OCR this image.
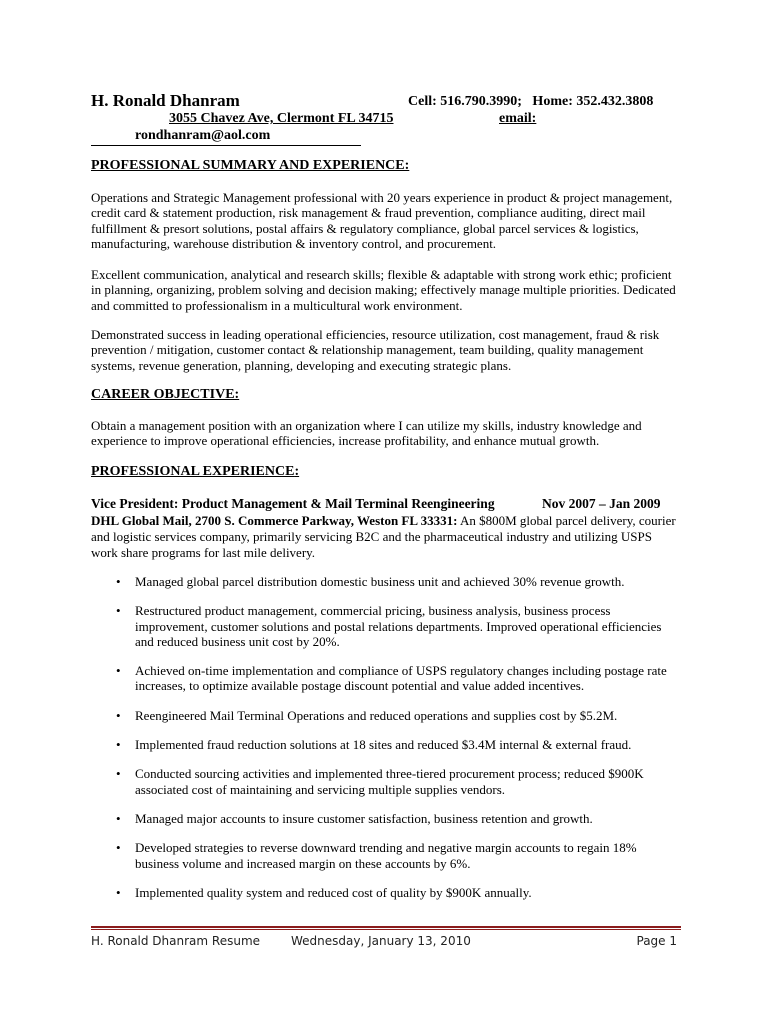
H. Ronald Dhanram	Cell: 516.790.3990;   Home: 352.432.3808
3055 Chavez Ave, Clermont FL 34715	email:
rondhanram@aol.com
PROFESSIONAL SUMMARY AND EXPERIENCE:
Operations and Strategic Management professional with 20 years experience in product & project management, credit card & statement production, risk management & fraud prevention, compliance auditing, direct mail fulfillment & presort solutions, postal affairs & regulatory compliance, global parcel services & logistics, manufacturing, warehouse distribution & inventory control, and procurement.
Excellent communication, analytical and research skills; flexible & adaptable with strong work ethic; proficient in planning, organizing, problem solving and decision making; effectively manage multiple priorities. Dedicated and committed to professionalism in a multicultural work environment.
Demonstrated success in leading operational efficiencies, resource utilization, cost management, fraud & risk prevention / mitigation, customer contact & relationship management, team building, quality management systems, revenue generation, planning, developing and executing strategic plans.
CAREER OBJECTIVE:
Obtain a management position with an organization where I can utilize my skills, industry knowledge and experience to improve operational efficiencies, increase profitability, and enhance mutual growth.
PROFESSIONAL EXPERIENCE:
Vice President: Product Management & Mail Terminal Reengineering	Nov 2007 – Jan 2009
DHL Global Mail, 2700 S. Commerce Parkway, Weston FL 33331: An $800M global parcel delivery, courier and logistic services company, primarily servicing B2C and the pharmaceutical industry and utilizing USPS work share programs for last mile delivery.
• Managed global parcel distribution domestic business unit and achieved 30% revenue growth.
• Restructured product management, commercial pricing, business analysis, business process improvement, customer solutions and postal relations departments. Improved operational efficiencies and reduced business unit cost by 20%.
• Achieved on-time implementation and compliance of USPS regulatory changes including postage rate increases, to optimize available postage discount potential and value added incentives.
• Reengineered Mail Terminal Operations and reduced operations and supplies cost by $5.2M.
• Implemented fraud reduction solutions at 18 sites and reduced $3.4M internal & external fraud.
• Conducted sourcing activities and implemented three-tiered procurement process; reduced $900K associated cost of maintaining and servicing multiple supplies vendors.
• Managed major accounts to insure customer satisfaction, business retention and growth.
• Developed strategies to reverse downward trending and negative margin accounts to regain 18% business volume and increased margin on these accounts by 6%.
• Implemented quality system and reduced cost of quality by $900K annually.
H. Ronald Dhanram Resume	Wednesday, January 13, 2010	Page 1
